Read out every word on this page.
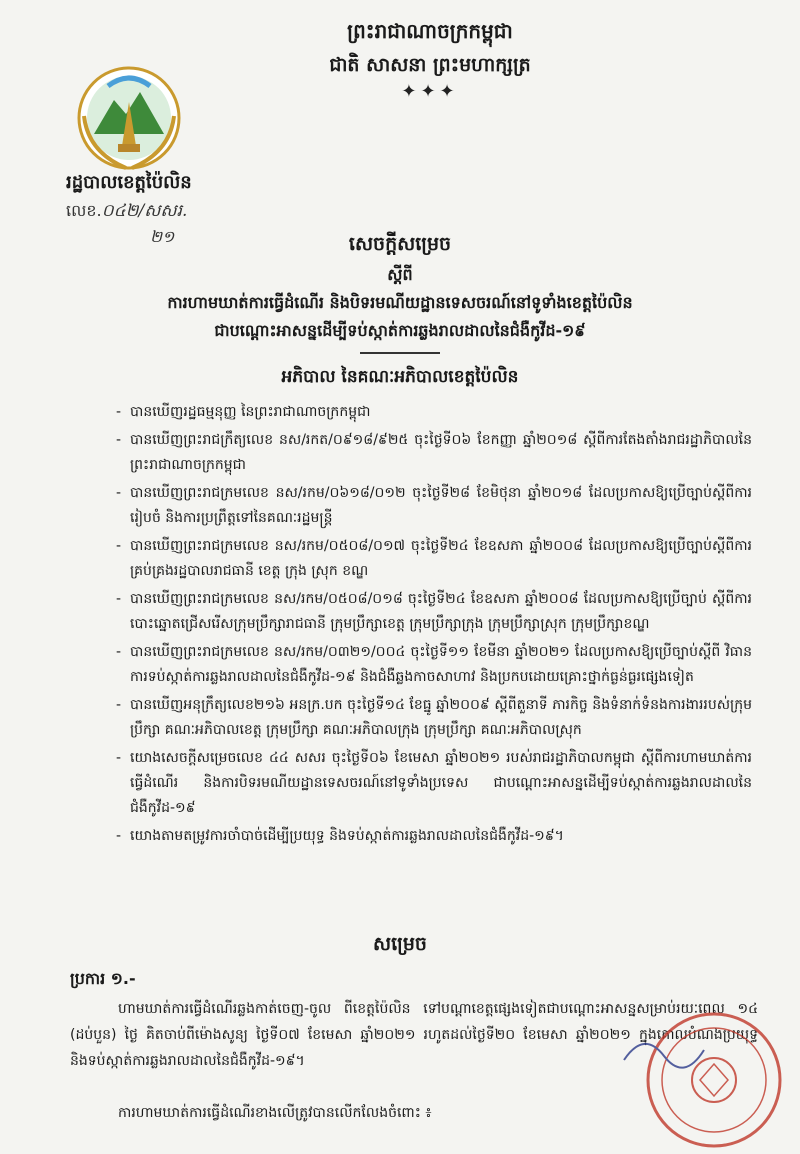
ព្រះរាជាណាចក្រកម្ពុជា
ជាតិ សាសនា ព្រះមហាក្សត្រ
✦✦✦
រដ្ឋបាលខេត្តប៉ៃលិន
លេខ.០៤២/សសរ.
២១	សេចក្តីសម្រេច
ស្តីពី
ការហាមឃាត់ការធ្វើដំណើរ និងបិទរមណីយដ្ឋានទេសចរណ៍នៅទូទាំងខេត្តប៉ៃលិន
ជាបណ្ដោះអាសន្នដើម្បីទប់ស្កាត់ការឆ្លងរាលដាលនៃជំងឺកូវីដ-១៩
អភិបាល នៃគណៈអភិបាលខេត្តប៉ៃលិន
- បានឃើញរដ្ឋធម្មនុញ្ញ នៃព្រះរាជាណាចក្រកម្ពុជា
- បានឃើញព្រះរាជក្រឹត្យលេខ នស/រកត/០៩១៨/៩២៥ ចុះថ្ងៃទី០៦ ខែកញ្ញា ឆ្នាំ២០១៨ ស្តីពីការតែងតាំងរាជរដ្ឋាភិបាលនៃព្រះរាជាណាចក្រកម្ពុជា
- បានឃើញព្រះរាជក្រមលេខ នស/រកម/០៦១៨/០១២ ចុះថ្ងៃទី២៨ ខែមិថុនា ឆ្នាំ២០១៨ ដែលប្រកាសឱ្យប្រើច្បាប់ស្តីពីការរៀបចំ និងការប្រព្រឹត្តទៅនៃគណៈរដ្ឋមន្ត្រី
- បានឃើញព្រះរាជក្រមលេខ នស/រកម/០៥០៨/០១៧ ចុះថ្ងៃទី២៤ ខែឧសភា ឆ្នាំ២០០៨ ដែលប្រកាសឱ្យប្រើច្បាប់ស្តីពីការគ្រប់គ្រងរដ្ឋបាលរាជធានី ខេត្ត ក្រុង ស្រុក ខណ្ឌ
- បានឃើញព្រះរាជក្រមលេខ នស/រកម/០៥០៨/០១៨ ចុះថ្ងៃទី២៤ ខែឧសភា ឆ្នាំ២០០៨ ដែលប្រកាសឱ្យប្រើច្បាប់ ស្តីពីការបោះឆ្នោតជ្រើសរើសក្រុមប្រឹក្សារាជធានី ក្រុមប្រឹក្សាខេត្ត ក្រុមប្រឹក្សាក្រុង ក្រុមប្រឹក្សាស្រុក ក្រុមប្រឹក្សាខណ្ឌ
- បានឃើញព្រះរាជក្រមលេខ នស/រកម/០៣២១/០០៤ ចុះថ្ងៃទី១១ ខែមីនា ឆ្នាំ២០២១ ដែលប្រកាសឱ្យប្រើច្បាប់ស្តីពី វិធានការទប់ស្កាត់ការឆ្លងរាលដាលនៃជំងឺកូវីដ-១៩ និងជំងឺឆ្លងកាចសាហាវ និងប្រកបដោយគ្រោះថ្នាក់ធ្ងន់ធ្ងរផ្សេងទៀត
- បានឃើញអនុក្រឹត្យលេខ២១៦ អនក្រ.បក ចុះថ្ងៃទី១៤ ខែធ្នូ ឆ្នាំ២០០៩ ស្តីពីតួនាទី ភារកិច្ច និងទំនាក់ទំនងការងាររបស់ក្រុមប្រឹក្សា គណៈអភិបាលខេត្ត ក្រុមប្រឹក្សា គណៈអភិបាលក្រុង ក្រុមប្រឹក្សា គណៈអភិបាលស្រុក
- យោងសេចក្តីសម្រេចលេខ ៤៤ សសរ ចុះថ្ងៃទី០៦ ខែមេសា ឆ្នាំ២០២១ របស់រាជរដ្ឋាភិបាលកម្ពុជា ស្តីពីការហាមឃាត់ការធ្វើដំណើរ និងការបិទរមណីយដ្ឋានទេសចរណ៍នៅទូទាំងប្រទេស ជាបណ្ដោះអាសន្នដើម្បីទប់ស្កាត់ការឆ្លងរាលដាលនៃជំងឺកូវីដ-១៩
- យោងតាមតម្រូវការចាំបាច់ដើម្បីប្រយុទ្ធ និងទប់ស្កាត់ការឆ្លងរាលដាលនៃជំងឺកូវីដ-១៩។
សម្រេច
ប្រការ ១.-

ហាមឃាត់ការធ្វើដំណើរឆ្លងកាត់ចេញ-ចូល ពីខេត្តប៉ៃលិន ទៅបណ្តាខេត្តផ្សេងទៀតជាបណ្ដោះអាសន្នសម្រាប់រយៈពេល ១៤ (ដប់បួន) ថ្ងៃ គិតចាប់ពីម៉ោងសូន្យ ថ្ងៃទី០៧ ខែមេសា ឆ្នាំ២០២១ រហូតដល់ថ្ងៃទី២០ ខែមេសា ឆ្នាំ២០២១ ក្នុងគោលបំណងប្រយុទ្ធ និងទប់ស្កាត់ការឆ្លងរាលដាលនៃជំងឺកូវីដ-១៩។

ការហាមឃាត់ការធ្វើដំណើរខាងលើត្រូវបានលើកលែងចំពោះ ៖
